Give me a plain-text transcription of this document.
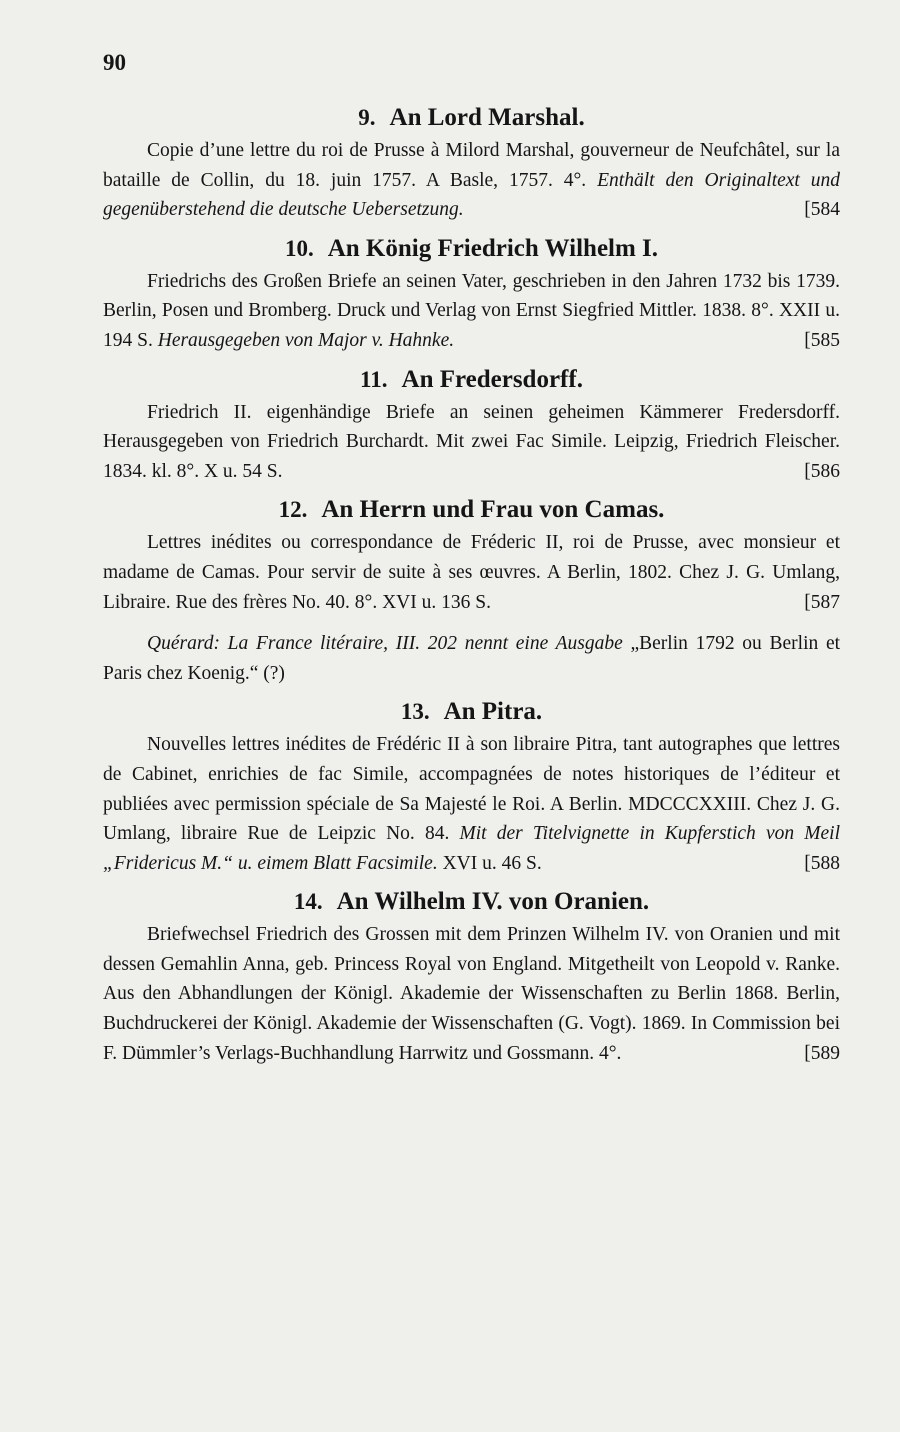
90
9. An Lord Marshal.

Copie d’une lettre du roi de Prusse à Milord Marshal, gouverneur de Neufchâtel, sur la bataille de Collin, du 18. juin 1757. A Basle, 1757. 4°. Enthält den Originaltext und gegenüberstehend die deutsche Uebersetzung.	[584

10. An König Friedrich Wilhelm I.

Friedrichs des Großen Briefe an seinen Vater, geschrieben in den Jahren 1732 bis 1739. Berlin, Posen und Bromberg. Druck und Verlag von Ernst Siegfried Mittler. 1838. 8°. XXII u. 194 S. Herausgegeben von Major v. Hahnke.	[585

11. An Fredersdorff.

Friedrich II. eigenhändige Briefe an seinen geheimen Kämmerer Fredersdorff. Herausgegeben von Friedrich Burchardt. Mit zwei Fac Simile. Leipzig, Friedrich Fleischer. 1834. kl. 8°. X u. 54 S.	[586

12. An Herrn und Frau von Camas.

Lettres inédites ou correspondance de Fréderic II, roi de Prusse, avec monsieur et madame de Camas. Pour servir de suite à ses œuvres. A Berlin, 1802. Chez J. G. Umlang, Libraire. Rue des frères No. 40. 8°. XVI u. 136 S.	[587

Quérard: La France litéraire, III. 202 nennt eine Ausgabe „Berlin 1792 ou Berlin et Paris chez Koenig.“ (?)

13. An Pitra.

Nouvelles lettres inédites de Frédéric II à son libraire Pitra, tant autographes que lettres de Cabinet, enrichies de fac Simile, accompagnées de notes historiques de l’éditeur et publiées avec permission spéciale de Sa Majesté le Roi. A Berlin. MDCCCXXIII. Chez J. G. Umlang, libraire Rue de Leipzic No. 84. Mit der Titelvignette in Kupferstich von Meil „Fridericus M.“ u. eimem Blatt Facsimile. XVI u. 46 S.	[588

14. An Wilhelm IV. von Oranien.

Briefwechsel Friedrich des Grossen mit dem Prinzen Wilhelm IV. von Oranien und mit dessen Gemahlin Anna, geb. Princess Royal von England. Mitgetheilt von Leopold v. Ranke. Aus den Abhandlungen der Königl. Akademie der Wissenschaften zu Berlin 1868. Berlin, Buchdruckerei der Königl. Akademie der Wissenschaften (G. Vogt). 1869. In Commission bei F. Dümmler’s Verlags-Buchhandlung Harrwitz und Gossmann. 4°.	[589
